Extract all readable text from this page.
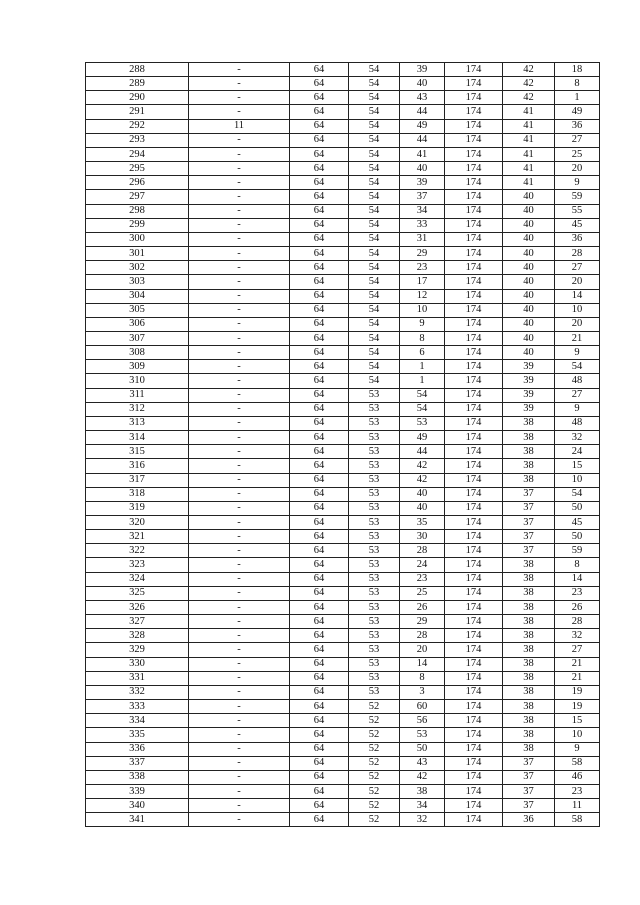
288	-	64	54	39	174	42	18
289	-	64	54	40	174	42	8
290	-	64	54	43	174	42	1
291	-	64	54	44	174	41	49
292	11	64	54	49	174	41	36
293	-	64	54	44	174	41	27
294	-	64	54	41	174	41	25
295	-	64	54	40	174	41	20
296	-	64	54	39	174	41	9
297	-	64	54	37	174	40	59
298	-	64	54	34	174	40	55
299	-	64	54	33	174	40	45
300	-	64	54	31	174	40	36
301	-	64	54	29	174	40	28
302	-	64	54	23	174	40	27
303	-	64	54	17	174	40	20
304	-	64	54	12	174	40	14
305	-	64	54	10	174	40	10
306	-	64	54	9	174	40	20
307	-	64	54	8	174	40	21
308	-	64	54	6	174	40	9
309	-	64	54	1	174	39	54
310	-	64	54	1	174	39	48
311	-	64	53	54	174	39	27
312	-	64	53	54	174	39	9
313	-	64	53	53	174	38	48
314	-	64	53	49	174	38	32
315	-	64	53	44	174	38	24
316	-	64	53	42	174	38	15
317	-	64	53	42	174	38	10
318	-	64	53	40	174	37	54
319	-	64	53	40	174	37	50
320	-	64	53	35	174	37	45
321	-	64	53	30	174	37	50
322	-	64	53	28	174	37	59
323	-	64	53	24	174	38	8
324	-	64	53	23	174	38	14
325	-	64	53	25	174	38	23
326	-	64	53	26	174	38	26
327	-	64	53	29	174	38	28
328	-	64	53	28	174	38	32
329	-	64	53	20	174	38	27
330	-	64	53	14	174	38	21
331	-	64	53	8	174	38	21
332	-	64	53	3	174	38	19
333	-	64	52	60	174	38	19
334	-	64	52	56	174	38	15
335	-	64	52	53	174	38	10
336	-	64	52	50	174	38	9
337	-	64	52	43	174	37	58
338	-	64	52	42	174	37	46
339	-	64	52	38	174	37	23
340	-	64	52	34	174	37	11
341	-	64	52	32	174	36	58
